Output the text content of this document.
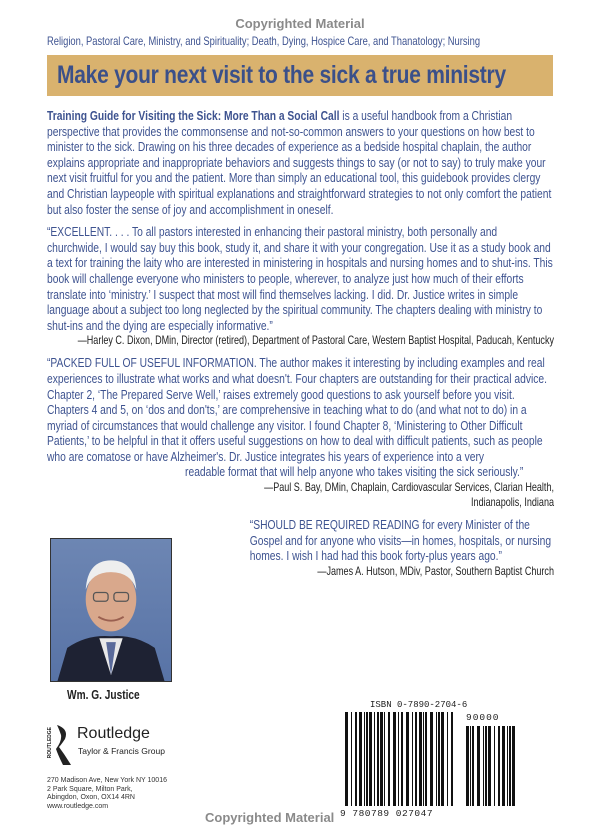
Copyrighted Material
Religion, Pastoral Care, Ministry, and Spirituality; Death, Dying, Hospice Care, and Thanatology; Nursing
Make your next visit to the sick a true ministry

Training Guide for Visiting the Sick: More Than a Social Call is a useful handbook from a Christian perspective that provides the commonsense and not-so-common answers to your questions on how best to minister to the sick. Drawing on his three decades of experience as a bedside hospital chaplain, the author explains appropriate and inappropriate behaviors and suggests things to say (or not to say) to truly make your next visit fruitful for you and the patient. More than simply an educational tool, this guidebook provides clergy and Christian laypeople with spiritual explanations and straightforward strategies to not only comfort the patient but also foster the sense of joy and accomplishment in oneself.

“EXCELLENT. . . . To all pastors interested in enhancing their pastoral ministry, both personally and churchwide, I would say buy this book, study it, and share it with your congregation. Use it as a study book and a text for training the laity who are interested in ministering in hospitals and nursing homes and to shut-ins. This book will challenge everyone who ministers to people, wherever, to analyze just how much of their efforts translate into ‘ministry.’ I suspect that most will find themselves lacking. I did. Dr. Justice writes in simple language about a subject too long neglected by the spiritual community. The chapters dealing with ministry to shut-ins and the dying are especially informative.”

—Harley C. Dixon, DMin, Director (retired), Department of Pastoral Care, Western Baptist Hospital, Paducah, Kentucky

“PACKED FULL OF USEFUL INFORMATION. The author makes it interesting by including examples and real experiences to illustrate what works and what doesn't. Four chapters are outstanding for their practical advice. Chapter 2, ‘The Prepared Serve Well,’ raises extremely good questions to ask yourself before you visit. Chapters 4 and 5, on ‘dos and don'ts,’ are comprehensive in teaching what to do (and what not to do) in a myriad of circumstances that would challenge any visitor. I found Chapter 8, ‘Ministering to Other Difficult Patients,’ to be helpful in that it offers useful suggestions on how to deal with difficult patients, such as people who are comatose or have Alzheimer's. Dr. Justice integrates his years of experience into a very

readable format that will help anyone who takes visiting the sick seriously.”

—Paul S. Bay, DMin, Chaplain, Cardiovascular Services, Clarian Health,
Indianapolis, Indiana

“SHOULD BE REQUIRED READING for every Minister of the Gospel and for anyone who visits—in homes, hospitals, or nursing homes. I wish I had had this book forty-plus years ago.”

—James A. Hutson, MDiv, Pastor, Southern Baptist Church
Wm. G. Justice
ROUTLEDGE Routledge
Taylor & Francis Group
270 Madison Ave, New York NY 10016
2 Park Square, Milton Park,
Abingdon, Oxon, OX14 4RN
www.routledge.com
Copyrighted Material
ISBN 0-7890-2704-6
9 780789 027047
90000
